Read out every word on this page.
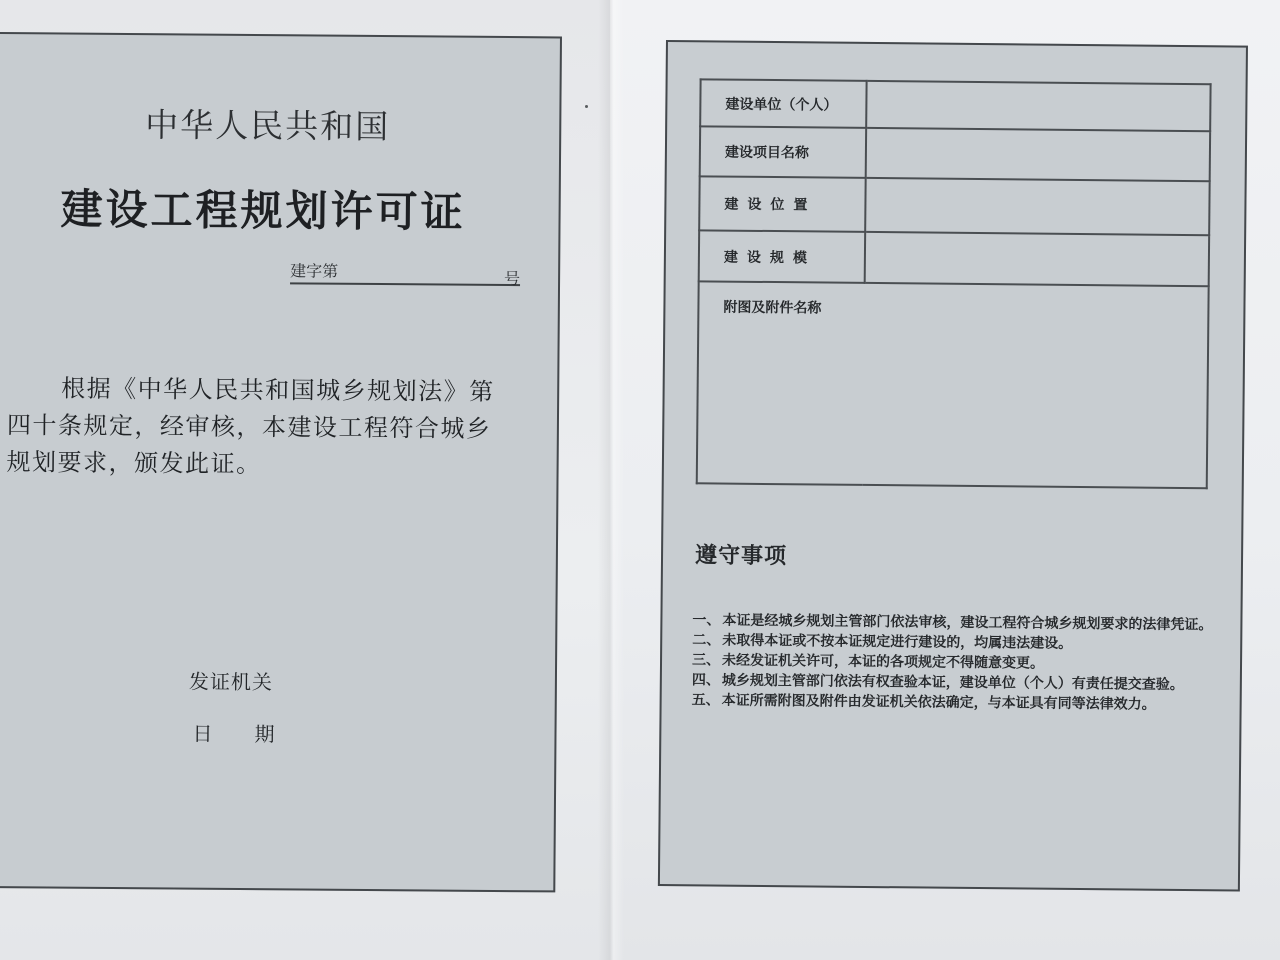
中华人民共和国
建设工程规划许可证
建字第	号
根据《中华人民共和国城乡规划法》第
四十条规定，经审核，本建设工程符合城乡
规划要求，颁发此证。
发证机关
日期
建设单位（个人）	
建设项目名称	
建设位置	
建设规模	
附图及附件名称	
遵守事项
一、 本证是经城乡规划主管部门依法审核，建设工程符合城乡规划要求的法律凭证。
二、 未取得本证或不按本证规定进行建设的，均属违法建设。
三、 未经发证机关许可，本证的各项规定不得随意变更。
四、 城乡规划主管部门依法有权查验本证，建设单位（个人）有责任提交查验。
五、 本证所需附图及附件由发证机关依法确定，与本证具有同等法律效力。
